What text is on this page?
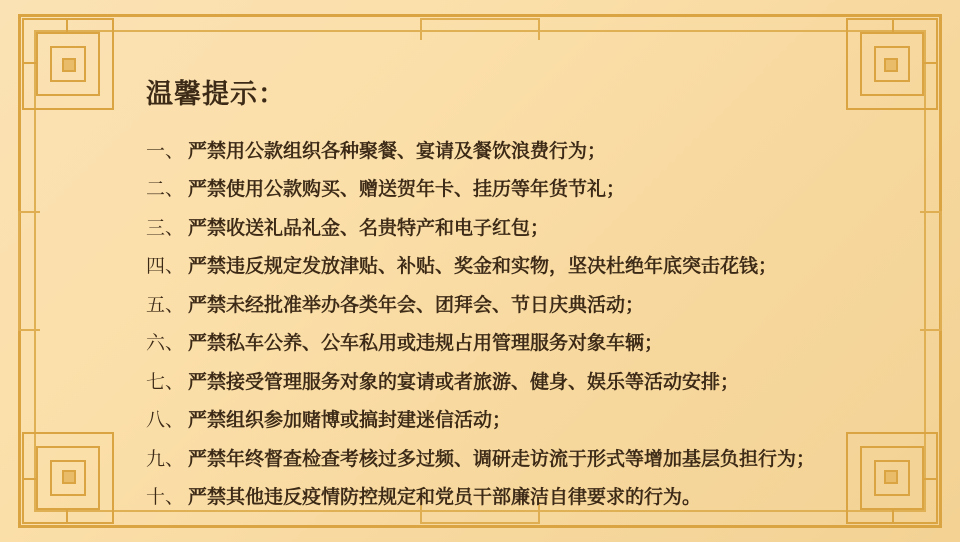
温馨提示：
一、 严禁用公款组织各种聚餐、宴请及餐饮浪费行为；
二、 严禁使用公款购买、赠送贺年卡、挂历等年货节礼；
三、 严禁收送礼品礼金、名贵特产和电子红包；
四、 严禁违反规定发放津贴、补贴、奖金和实物，坚决杜绝年底突击花钱；
五、 严禁未经批准举办各类年会、团拜会、节日庆典活动；
六、 严禁私车公养、公车私用或违规占用管理服务对象车辆；
七、 严禁接受管理服务对象的宴请或者旅游、健身、娱乐等活动安排；
八、 严禁组织参加赌博或搞封建迷信活动；
九、 严禁年终督查检查考核过多过频、调研走访流于形式等增加基层负担行为；
十、 严禁其他违反疫情防控规定和党员干部廉洁自律要求的行为。
